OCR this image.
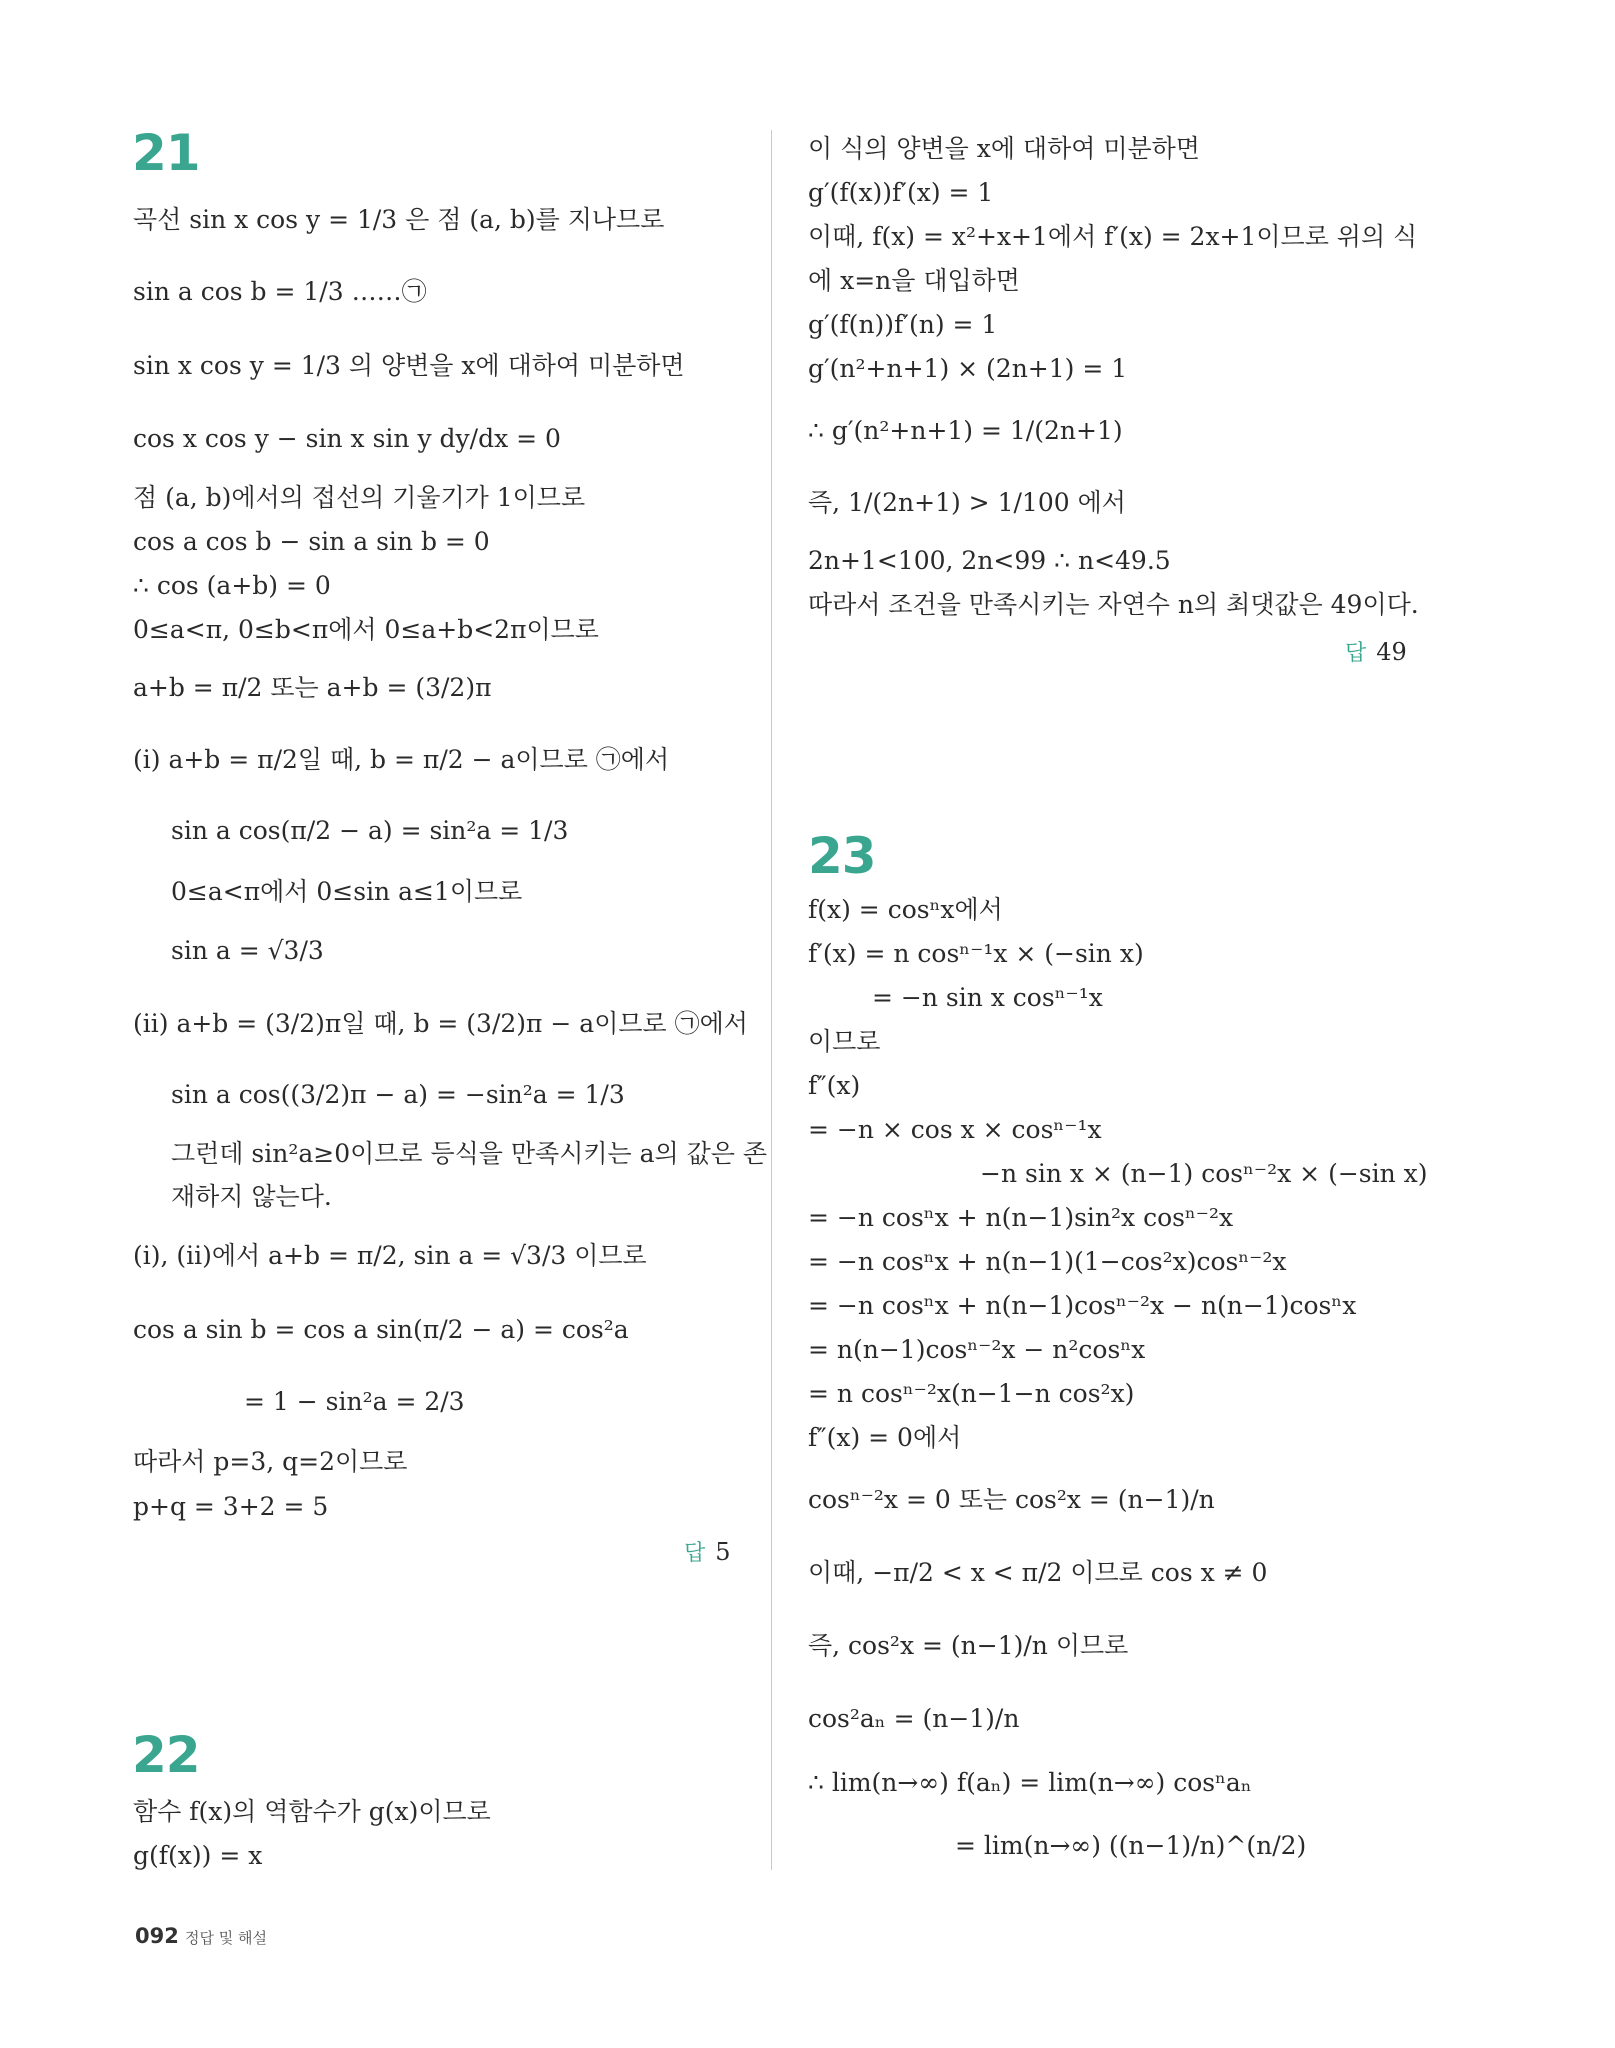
21
곡선 sin x cos y = 1/3 은 점 (a, b)를 지나므로
sin a cos b = 1/3 ……㉠
sin x cos y = 1/3 의 양변을 x에 대하여 미분하면
cos x cos y − sin x sin y dy/dx = 0
점 (a, b)에서의 접선의 기울기가 1이므로
cos a cos b − sin a sin b = 0
∴ cos (a+b) = 0
0≤a<π, 0≤b<π에서 0≤a+b<2π이므로
a+b = π/2 또는 a+b = (3/2)π
(ⅰ) a+b = π/2일 때, b = π/2 − a이므로 ㉠에서
sin a cos(π/2 − a) = sin²a = 1/3
0≤a<π에서 0≤sin a≤1이므로
sin a = √3/3
(ⅱ) a+b = (3/2)π일 때, b = (3/2)π − a이므로 ㉠에서
sin a cos((3/2)π − a) = −sin²a = 1/3
그런데 sin²a≥0이므로 등식을 만족시키는 a의 값은 존
재하지 않는다.
(ⅰ), (ⅱ)에서 a+b = π/2, sin a = √3/3 이므로
cos a sin b = cos a sin(π/2 − a) = cos²a
= 1 − sin²a = 2/3
따라서 p=3, q=2이므로
p+q = 3+2 = 5
답 5
22
함수 f(x)의 역함수가 g(x)이므로
g(f(x)) = x
이 식의 양변을 x에 대하여 미분하면
g′(f(x))f′(x) = 1
이때, f(x) = x²+x+1에서 f′(x) = 2x+1이므로 위의 식
에 x=n을 대입하면
g′(f(n))f′(n) = 1
g′(n²+n+1) × (2n+1) = 1
∴ g′(n²+n+1) = 1/(2n+1)
즉, 1/(2n+1) > 1/100 에서
2n+1<100, 2n<99 ∴ n<49.5
따라서 조건을 만족시키는 자연수 n의 최댓값은 49이다.
답 49
23
f(x) = cosⁿx에서
f′(x) = n cosⁿ⁻¹x × (−sin x)
= −n sin x cosⁿ⁻¹x
이므로
f″(x)
= −n × cos x × cosⁿ⁻¹x
−n sin x × (n−1) cosⁿ⁻²x × (−sin x)
= −n cosⁿx + n(n−1)sin²x cosⁿ⁻²x
= −n cosⁿx + n(n−1)(1−cos²x)cosⁿ⁻²x
= −n cosⁿx + n(n−1)cosⁿ⁻²x − n(n−1)cosⁿx
= n(n−1)cosⁿ⁻²x − n²cosⁿx
= n cosⁿ⁻²x(n−1−n cos²x)
f″(x) = 0에서
cosⁿ⁻²x = 0 또는 cos²x = (n−1)/n
이때, −π/2 < x < π/2 이므로 cos x ≠ 0
즉, cos²x = (n−1)/n 이므로
cos²aₙ = (n−1)/n
∴ lim(n→∞) f(aₙ) = lim(n→∞) cosⁿaₙ
= lim(n→∞) ((n−1)/n)^(n/2)
092 정답 및 해설
